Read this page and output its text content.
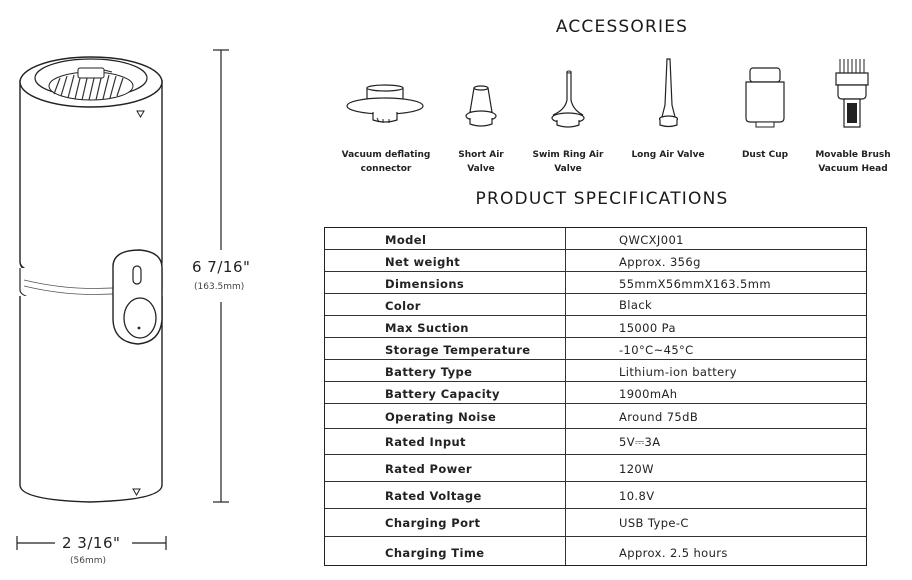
6 7/16"
(163.5mm)
2 3/16"
(56mm)
ACCESSORIES
Vacuum deflating
connector
Short Air
Valve
Swim Ring Air
Valve
Long Air Valve	Dust Cup	Movable Brush
Vacuum Head
PRODUCT SPECIFICATIONS
Model	QWCXJ001
Net weight	Approx. 356g
Dimensions	55mmX56mmX163.5mm
Color	Black
Max Suction	15000 Pa
Storage Temperature	-10°C~45°C
Battery Type	Lithium-ion battery
Battery Capacity	1900mAh
Operating Noise	Around 75dB
Rated Input	5V⎓3A
Rated Power	120W
Rated Voltage	10.8V
Charging Port	USB Type-C
Charging Time	Approx. 2.5 hours
